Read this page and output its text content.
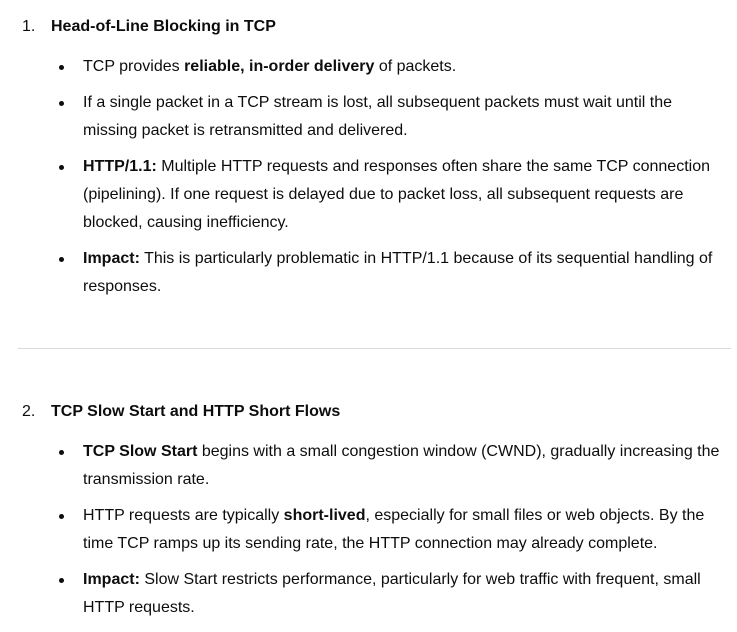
1. Head-of-Line Blocking in TCP
TCP provides reliable, in-order delivery of packets.
If a single packet in a TCP stream is lost, all subsequent packets must wait until the missing packet is retransmitted and delivered.
HTTP/1.1: Multiple HTTP requests and responses often share the same TCP connection (pipelining). If one request is delayed due to packet loss, all subsequent requests are blocked, causing inefficiency.
Impact: This is particularly problematic in HTTP/1.1 because of its sequential handling of responses.
2. TCP Slow Start and HTTP Short Flows
TCP Slow Start begins with a small congestion window (CWND), gradually increasing the transmission rate.
HTTP requests are typically short-lived, especially for small files or web objects. By the time TCP ramps up its sending rate, the HTTP connection may already complete.
Impact: Slow Start restricts performance, particularly for web traffic with frequent, small HTTP requests.
